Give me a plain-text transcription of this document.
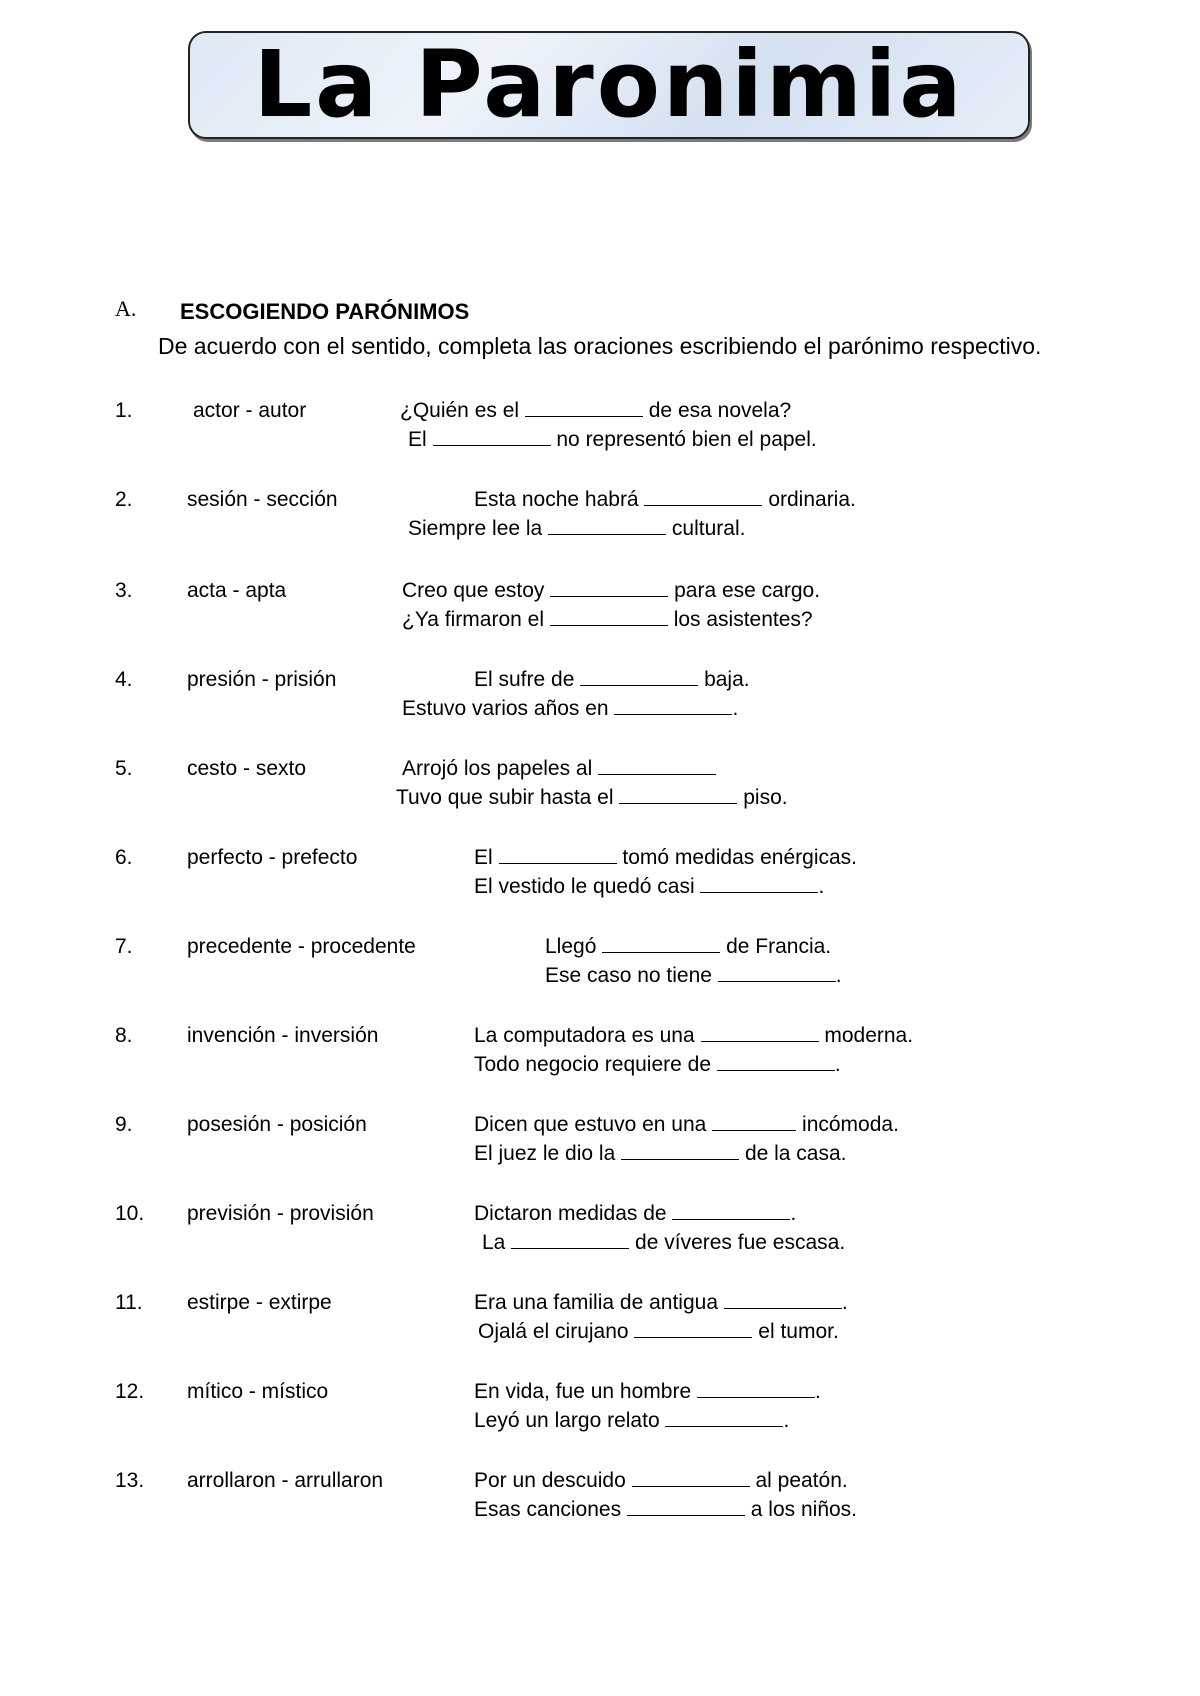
La Paronimia
A. ESCOGIENDO PARÓNIMOS
De acuerdo con el sentido, completa las oraciones escribiendo el parónimo respectivo.
1.	actor - autor	¿Quién es el	de esa novela?
El	no representó bien el papel.
2.	sesión - sección	Esta noche habrá	ordinaria.
Siempre lee la	cultural.
3.	acta - apta	Creo que estoy	para ese cargo.
¿Ya firmaron el	los asistentes?
4.	presión - prisión	El sufre de	baja.
Estuvo varios años en	.
5.	cesto - sexto	Arrojó los papeles al
Tuvo que subir hasta el	piso.
6.	perfecto - prefecto	El	tomó medidas enérgicas.
El vestido le quedó casi	.
7.	precedente - procedente	Llegó	de Francia.
Ese caso no tiene	.
8.	invención - inversión	La computadora es una	moderna.
Todo negocio requiere de	.
9.	posesión - posición	Dicen que estuvo en una	incómoda.
El juez le dio la	de la casa.
10. previsión - provisión	Dictaron medidas de	.
La	de víveres fue escasa.
11. estirpe - extirpe	Era una familia de antigua	.
Ojalá el cirujano	el tumor.
12. mítico - místico	En vida, fue un hombre	.
Leyó un largo relato	.
13. arrollaron - arrullaron	Por un descuido	al peatón.
Esas canciones	a los niños.
